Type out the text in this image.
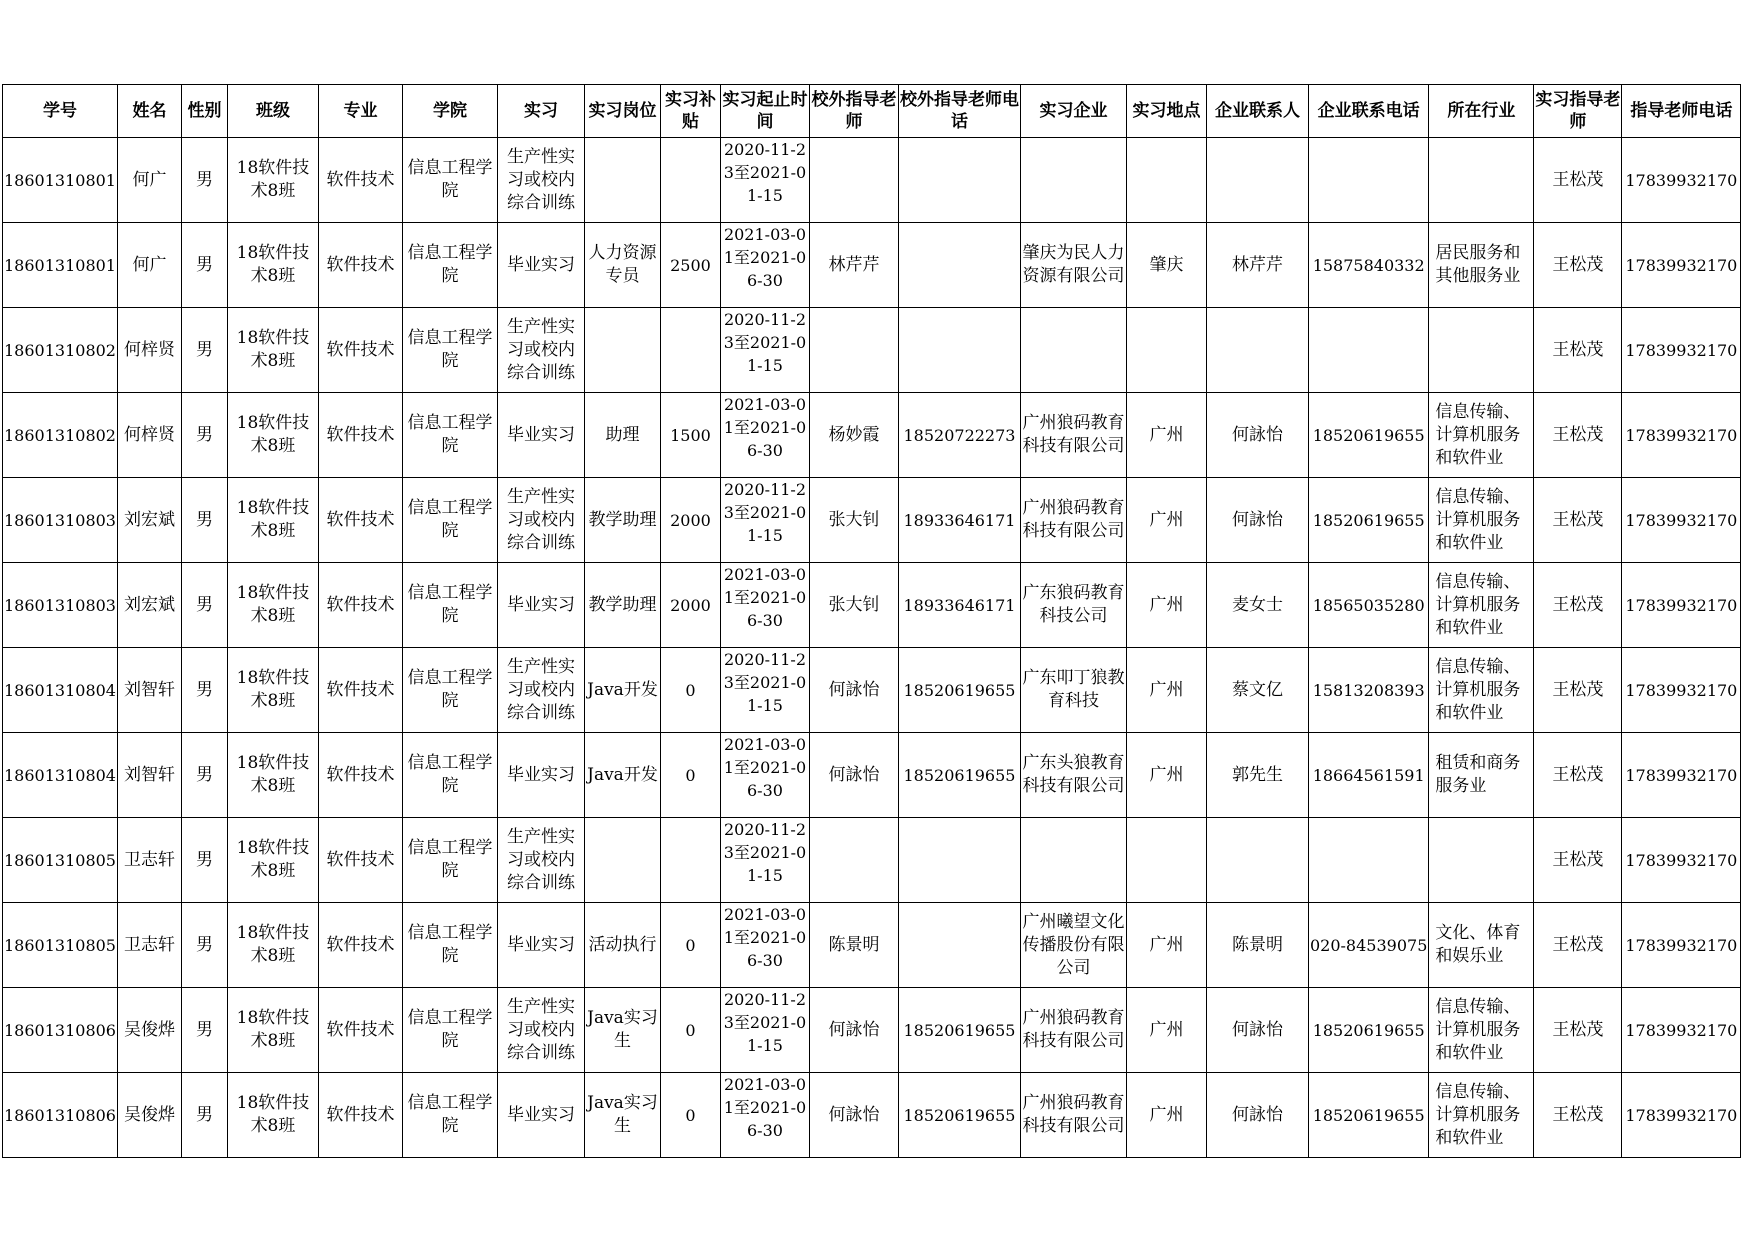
学号	姓名	性别	班级	专业	学院	实习	实习岗位	实习补贴	实习起止时间	校外指导老师	校外指导老师电话	实习企业	实习地点	企业联系人	企业联系电话	所在行业	实习指导老师	指导老师电话

18601310801	何广	男	18软件技术8班	软件技术	信息工程学院	生产性实习或校内综合训练			2020-11-23至2021-01-15								王松茂	17839932170

18601310801	何广	男	18软件技术8班	软件技术	信息工程学院	毕业实习	人力资源专员	2500	2021-03-01至2021-06-30	林芹芹		肇庆为民人力资源有限公司	肇庆	林芹芹	15875840332	居民服务和其他服务业	王松茂	17839932170

18601310802	何梓贤	男	18软件技术8班	软件技术	信息工程学院	生产性实习或校内综合训练			2020-11-23至2021-01-15								王松茂	17839932170

18601310802	何梓贤	男	18软件技术8班	软件技术	信息工程学院	毕业实习	助理	1500	2021-03-01至2021-06-30	杨妙霞	18520722273	广州狼码教育科技有限公司	广州	何詠怡	18520619655	信息传输、计算机服务和软件业	王松茂	17839932170

18601310803	刘宏斌	男	18软件技术8班	软件技术	信息工程学院	生产性实习或校内综合训练	教学助理	2000	2020-11-23至2021-01-15	张大钊	18933646171	广州狼码教育科技有限公司	广州	何詠怡	18520619655	信息传输、计算机服务和软件业	王松茂	17839932170

18601310803	刘宏斌	男	18软件技术8班	软件技术	信息工程学院	毕业实习	教学助理	2000	2021-03-01至2021-06-30	张大钊	18933646171	广东狼码教育科技公司	广州	麦女士	18565035280	信息传输、计算机服务和软件业	王松茂	17839932170

18601310804	刘智轩	男	18软件技术8班	软件技术	信息工程学院	生产性实习或校内综合训练	Java开发	0	2020-11-23至2021-01-15	何詠怡	18520619655	广东叩丁狼教育科技	广州	蔡文亿	15813208393	信息传输、计算机服务和软件业	王松茂	17839932170

18601310804	刘智轩	男	18软件技术8班	软件技术	信息工程学院	毕业实习	Java开发	0	2021-03-01至2021-06-30	何詠怡	18520619655	广东头狼教育科技有限公司	广州	郭先生	18664561591	租赁和商务服务业	王松茂	17839932170

18601310805	卫志轩	男	18软件技术8班	软件技术	信息工程学院	生产性实习或校内综合训练			2020-11-23至2021-01-15								王松茂	17839932170

18601310805	卫志轩	男	18软件技术8班	软件技术	信息工程学院	毕业实习	活动执行	0	2021-03-01至2021-06-30	陈景明		广州曦望文化传播股份有限公司	广州	陈景明	020-84539075	文化、体育和娱乐业	王松茂	17839932170

18601310806	吴俊烨	男	18软件技术8班	软件技术	信息工程学院	生产性实习或校内综合训练	Java实习生	0	2020-11-23至2021-01-15	何詠怡	18520619655	广州狼码教育科技有限公司	广州	何詠怡	18520619655	信息传输、计算机服务和软件业	王松茂	17839932170

18601310806	吴俊烨	男	18软件技术8班	软件技术	信息工程学院	毕业实习	Java实习生	0	2021-03-01至2021-06-30	何詠怡	18520619655	广州狼码教育科技有限公司	广州	何詠怡	18520619655	信息传输、计算机服务和软件业	王松茂	17839932170
